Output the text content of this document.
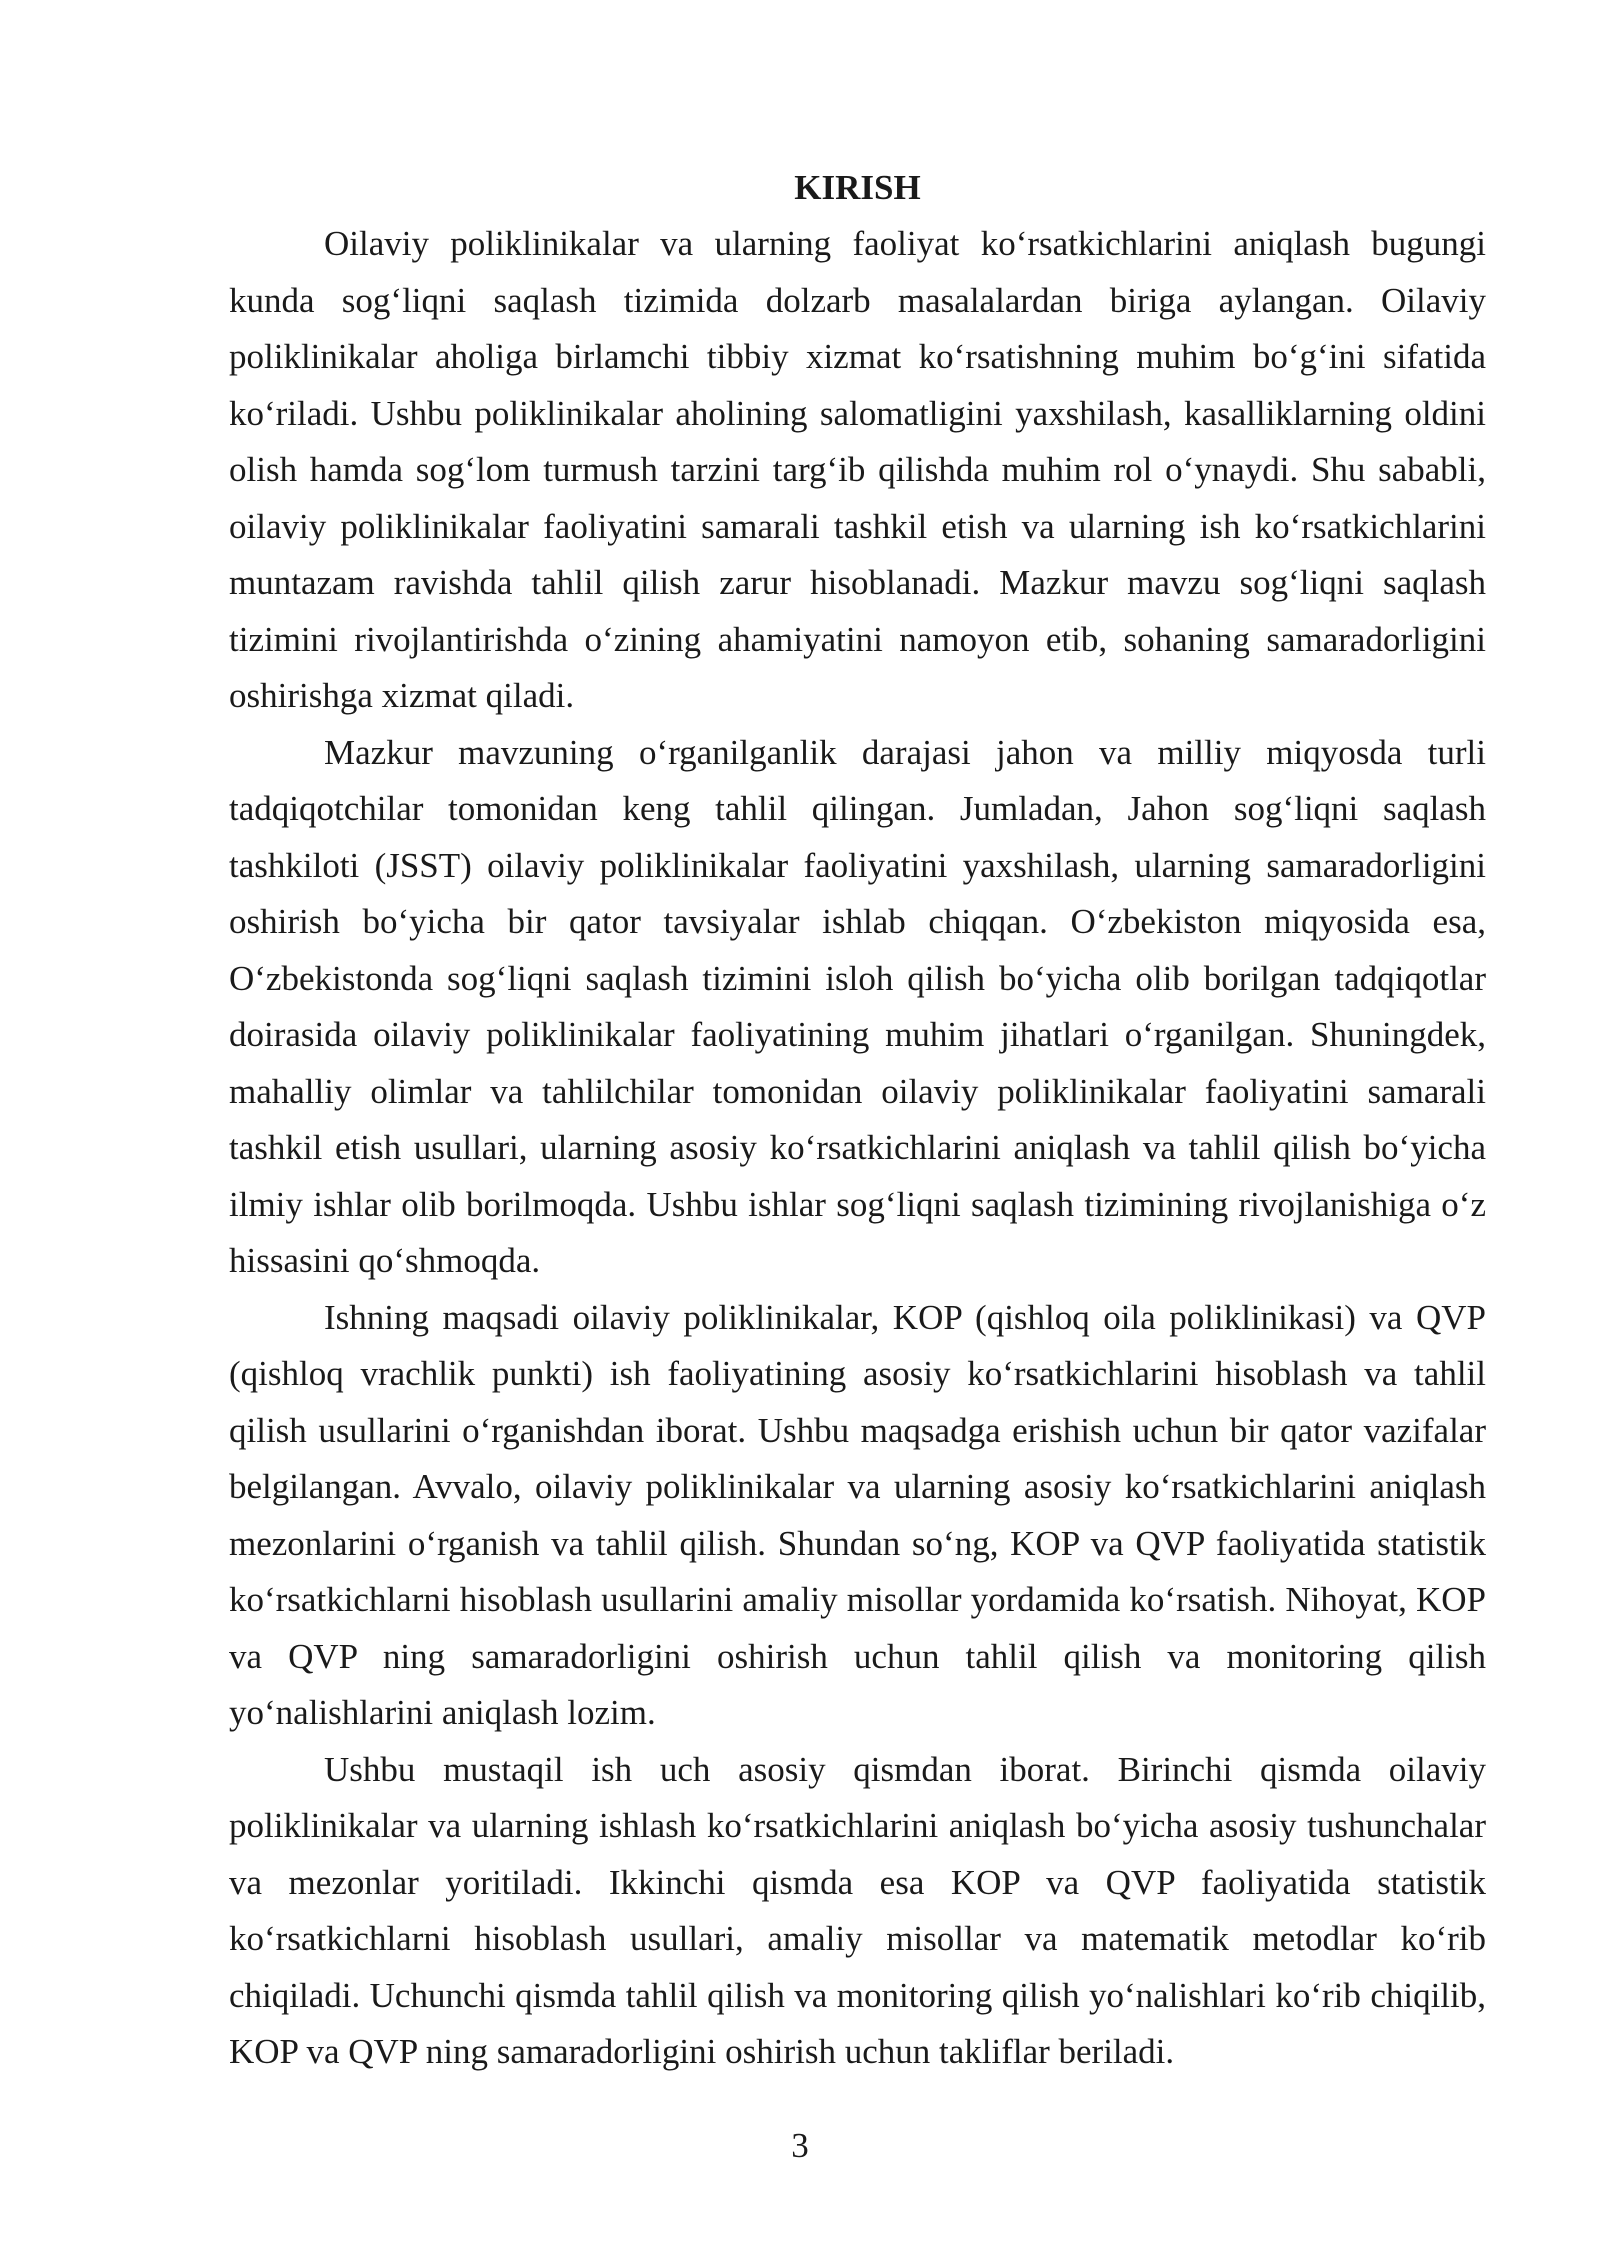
KIRISH

Oilaviy poliklinikalar va ularning faoliyat ko‘rsatkichlarini aniqlash bugungi kunda sog‘liqni saqlash tizimida dolzarb masalalardan biriga aylangan. Oilaviy poliklinikalar aholiga birlamchi tibbiy xizmat ko‘rsatishning muhim bo‘g‘ini sifatida ko‘riladi. Ushbu poliklinikalar aholining salomatligini yaxshilash, kasalliklarning oldini olish hamda sog‘lom turmush tarzini targ‘ib qilishda muhim rol o‘ynaydi. Shu sababli, oilaviy poliklinikalar faoliyatini samarali tashkil etish va ularning ish ko‘rsatkichlarini muntazam ravishda tahlil qilish zarur hisoblanadi. Mazkur mavzu sog‘liqni saqlash tizimini rivojlantirishda o‘zining ahamiyatini namoyon etib, sohaning samaradorligini oshirishga xizmat qiladi.

Mazkur mavzuning o‘rganilganlik darajasi jahon va milliy miqyosda turli tadqiqotchilar tomonidan keng tahlil qilingan. Jumladan, Jahon sog‘liqni saqlash tashkiloti (JSST) oilaviy poliklinikalar faoliyatini yaxshilash, ularning samaradorligini oshirish bo‘yicha bir qator tavsiyalar ishlab chiqqan. O‘zbekiston miqyosida esa, O‘zbekistonda sog‘liqni saqlash tizimini isloh qilish bo‘yicha olib borilgan tadqiqotlar doirasida oilaviy poliklinikalar faoliyatining muhim jihatlari o‘rganilgan. Shuningdek, mahalliy olimlar va tahlilchilar tomonidan oilaviy poliklinikalar faoliyatini samarali tashkil etish usullari, ularning asosiy ko‘rsatkichlarini aniqlash va tahlil qilish bo‘yicha ilmiy ishlar olib borilmoqda. Ushbu ishlar sog‘liqni saqlash tizimining rivojlanishiga o‘z hissasini qo‘shmoqda.

Ishning maqsadi oilaviy poliklinikalar, KOP (qishloq oila poliklinikasi) va QVP (qishloq vrachlik punkti) ish faoliyatining asosiy ko‘rsatkichlarini hisoblash va tahlil qilish usullarini o‘rganishdan iborat. Ushbu maqsadga erishish uchun bir qator vazifalar belgilangan. Avvalo, oilaviy poliklinikalar va ularning asosiy ko‘rsatkichlarini aniqlash mezonlarini o‘rganish va tahlil qilish. Shundan so‘ng, KOP va QVP faoliyatida statistik ko‘rsatkichlarni hisoblash usullarini amaliy misollar yordamida ko‘rsatish. Nihoyat, KOP va QVP ning samaradorligini oshirish uchun tahlil qilish va monitoring qilish yo‘nalishlarini aniqlash lozim.

Ushbu mustaqil ish uch asosiy qismdan iborat. Birinchi qismda oilaviy poliklinikalar va ularning ishlash ko‘rsatkichlarini aniqlash bo‘yicha asosiy tushunchalar va mezonlar yoritiladi. Ikkinchi qismda esa KOP va QVP faoliyatida statistik ko‘rsatkichlarni hisoblash usullari, amaliy misollar va matematik metodlar ko‘rib chiqiladi. Uchunchi qismda tahlil qilish va monitoring qilish yo‘nalishlari ko‘rib chiqilib, KOP va QVP ning samaradorligini oshirish uchun takliflar beriladi.

3
